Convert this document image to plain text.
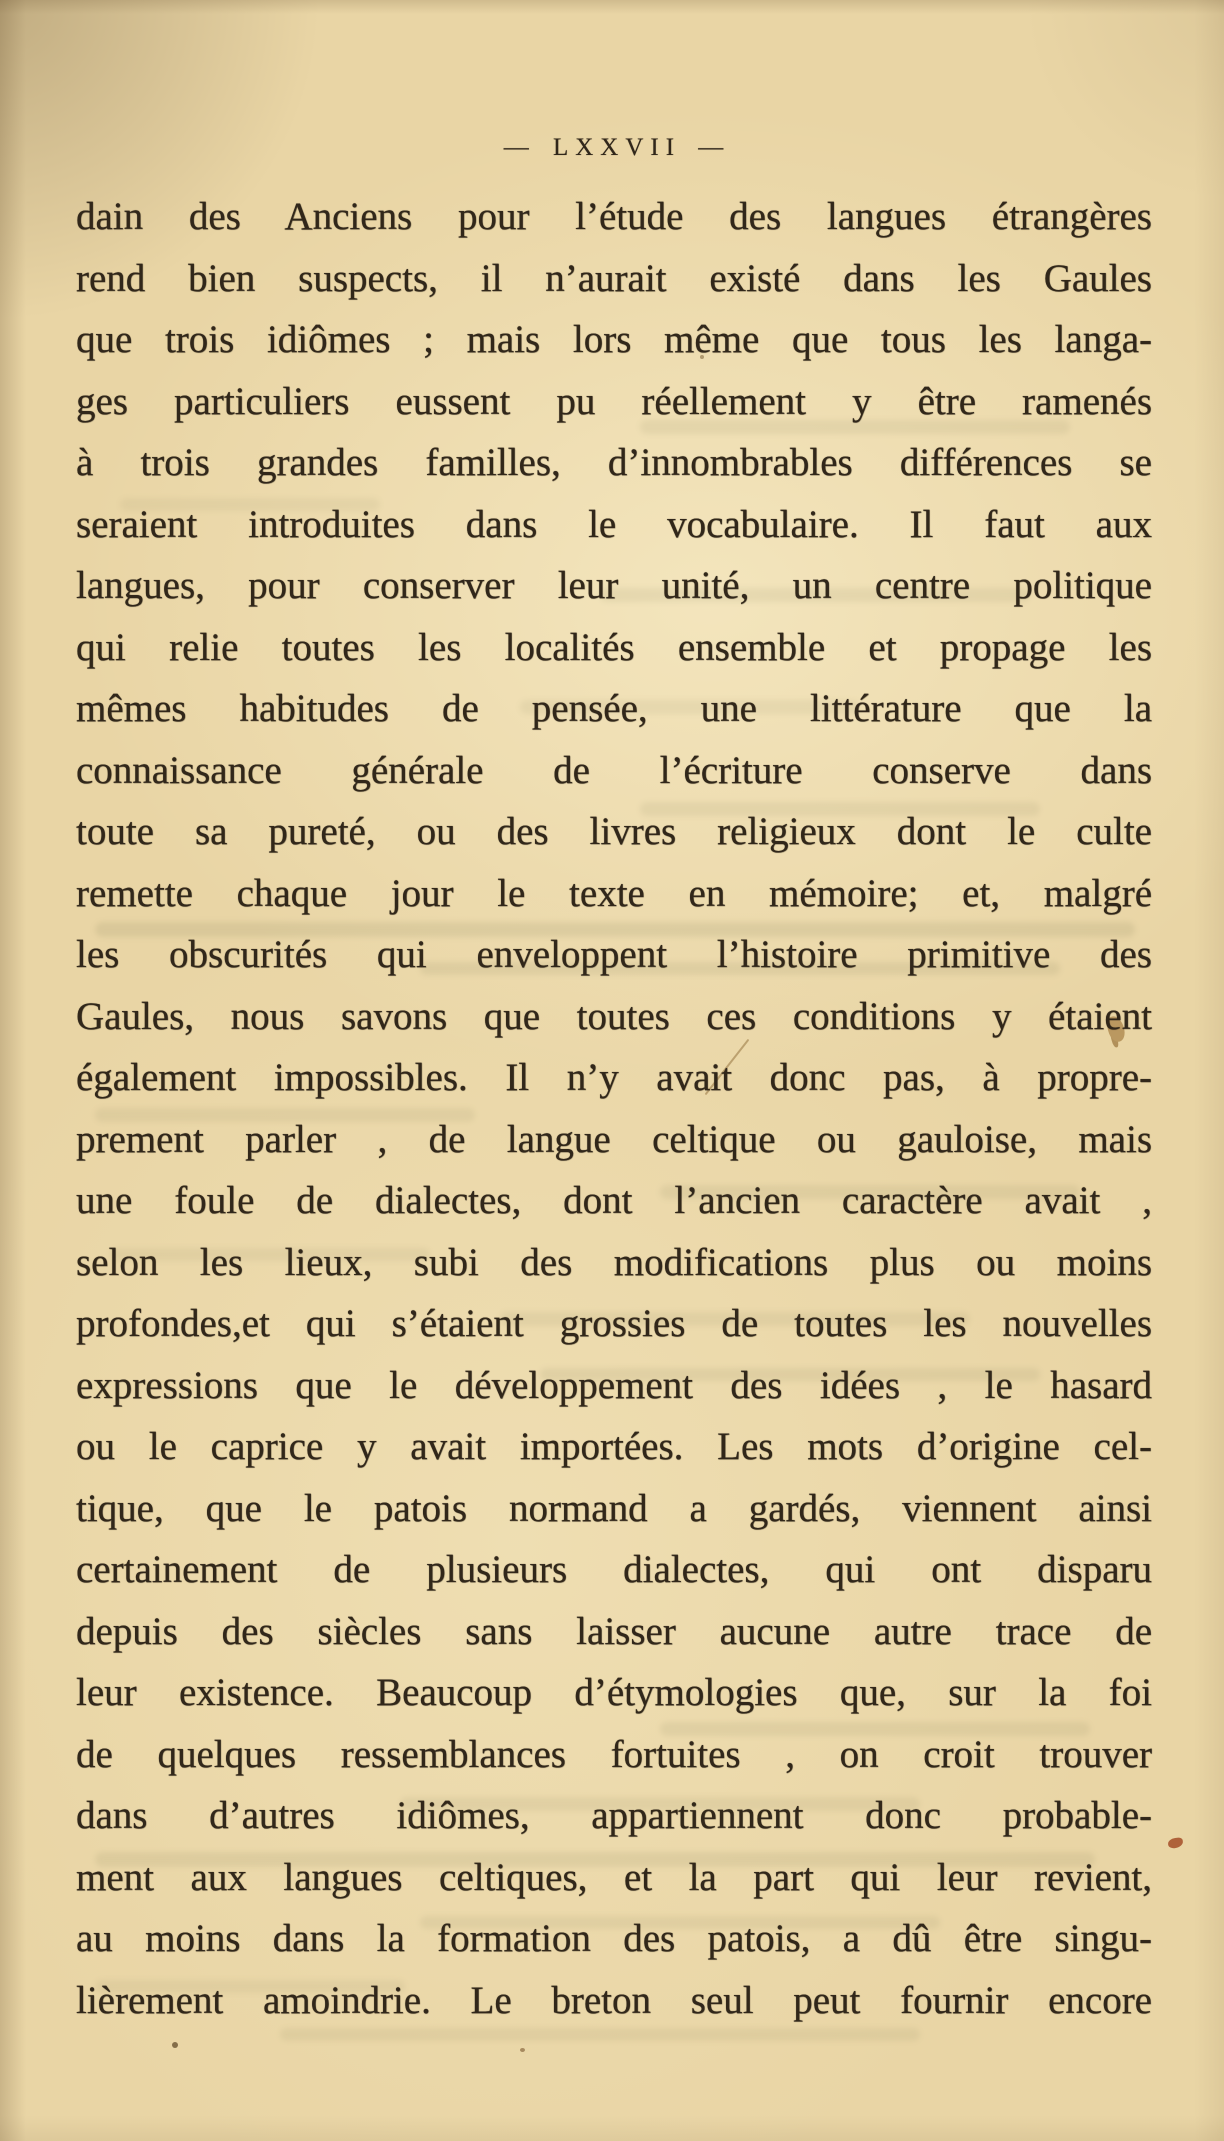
— LXXVII —
dain des Anciens pour l’étude des langues étrangères
rend bien suspects, il n’aurait existé dans les Gaules
que trois idiômes ; mais lors même que tous les langa-
ges particuliers eussent pu réellement y être ramenés
à trois grandes familles, d’innombrables différences se
seraient introduites dans le vocabulaire. Il faut aux
langues, pour conserver leur unité, un centre politique
qui relie toutes les localités ensemble et propage les
mêmes habitudes de pensée, une littérature que la
connaissance générale de l’écriture conserve dans
toute sa pureté, ou des livres religieux dont le culte
remette chaque jour le texte en mémoire; et, malgré
les obscurités qui enveloppent l’histoire primitive des
Gaules, nous savons que toutes ces conditions y étaient
également impossibles. Il n’y avait donc pas, à propre-
prement parler , de langue celtique ou gauloise, mais
une foule de dialectes, dont l’ancien caractère avait ,
selon les lieux, subi des modifications plus ou moins
profondes,et qui s’étaient grossies de toutes les nouvelles
expressions que le développement des idées , le hasard
ou le caprice y avait importées. Les mots d’origine cel-
tique, que le patois normand a gardés, viennent ainsi
certainement de plusieurs dialectes, qui ont disparu
depuis des siècles sans laisser aucune autre trace de
leur existence. Beaucoup d’étymologies que, sur la foi
de quelques ressemblances fortuites , on croit trouver
dans d’autres idiômes, appartiennent donc probable-
ment aux langues celtiques, et la part qui leur revient,
au moins dans la formation des patois, a dû être singu-
lièrement amoindrie. Le breton seul peut fournir encore
